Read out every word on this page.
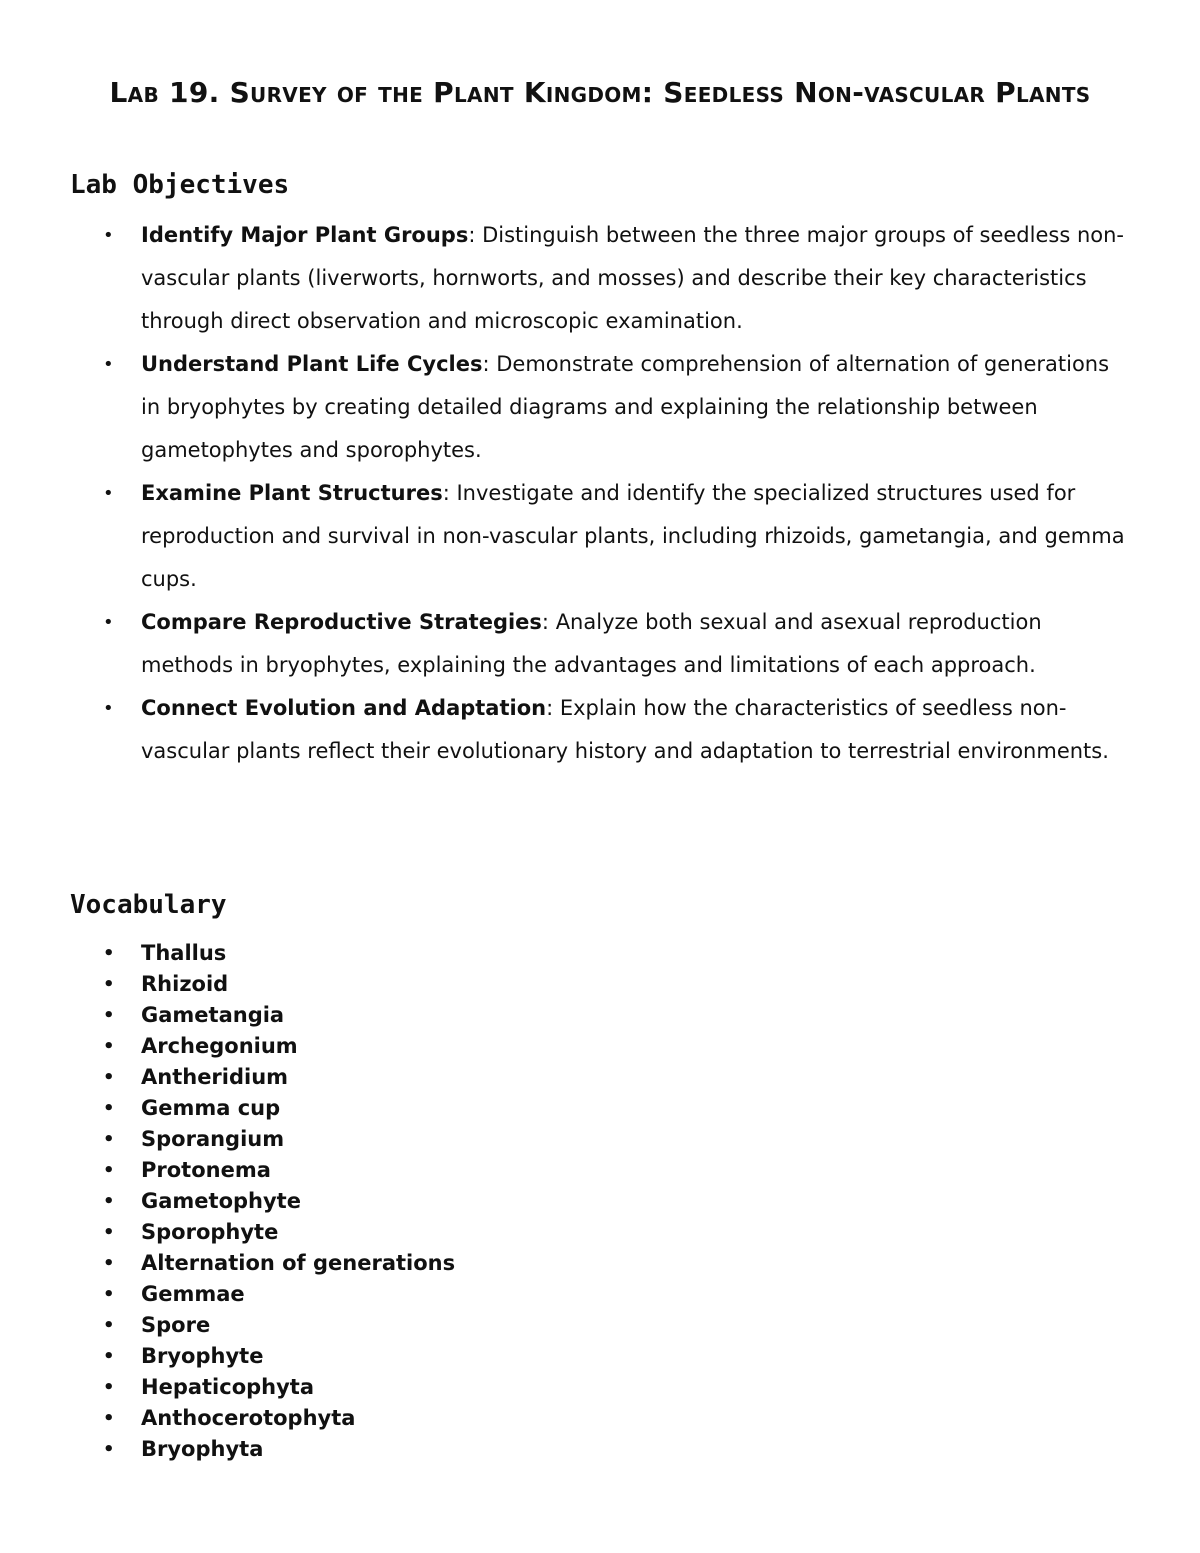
Lab 19. Survey of the Plant Kingdom: Seedless Non-vascular Plants
Lab Objectives
• Identify Major Plant Groups: Distinguish between the three major groups of seedless non-vascular plants (liverworts, hornworts, and mosses) and describe their key characteristics through direct observation and microscopic examination.
• Understand Plant Life Cycles: Demonstrate comprehension of alternation of generations in bryophytes by creating detailed diagrams and explaining the relationship between gametophytes and sporophytes.
• Examine Plant Structures: Investigate and identify the specialized structures used for reproduction and survival in non-vascular plants, including rhizoids, gametangia, and gemma cups.
• Compare Reproductive Strategies: Analyze both sexual and asexual reproduction methods in bryophytes, explaining the advantages and limitations of each approach.
• Connect Evolution and Adaptation: Explain how the characteristics of seedless non-vascular plants reflect their evolutionary history and adaptation to terrestrial environments.
Vocabulary
• Thallus
• Rhizoid
• Gametangia
• Archegonium
• Antheridium
• Gemma cup
• Sporangium
• Protonema
• Gametophyte
• Sporophyte
• Alternation of generations
• Gemmae
• Spore
• Bryophyte
• Hepaticophyta
• Anthocerotophyta
• Bryophyta
